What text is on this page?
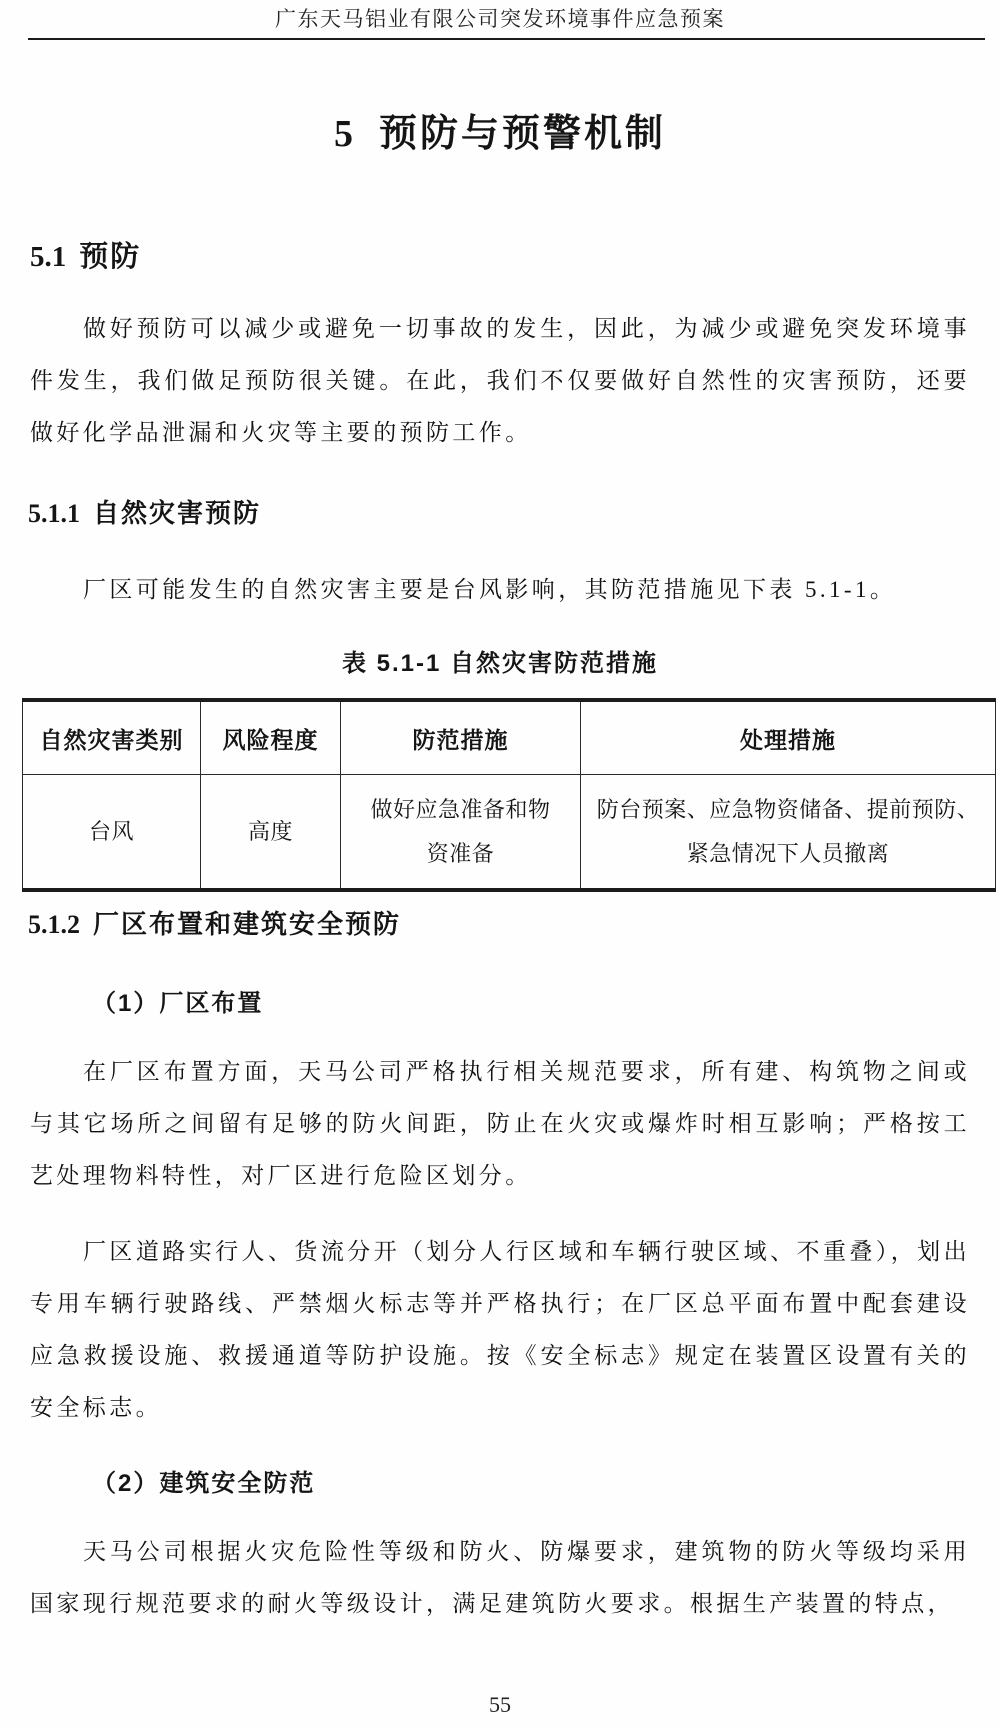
广东天马铝业有限公司突发环境事件应急预案
5 预防与预警机制
5.1 预防
做好预防可以减少或避免一切事故的发生，因此，为减少或避免突发环境事件发生，我们做足预防很关键。在此，我们不仅要做好自然性的灾害预防，还要做好化学品泄漏和火灾等主要的预防工作。
5.1.1 自然灾害预防
厂区可能发生的自然灾害主要是台风影响，其防范措施见下表 5.1-1。
表 5.1-1 自然灾害防范措施
自然灾害类别	风险程度	防范措施	处理措施
台风	高度	做好应急准备和物资准备	防台预案、应急物资储备、提前预防、紧急情况下人员撤离
5.1.2 厂区布置和建筑安全预防
（1）厂区布置
在厂区布置方面，天马公司严格执行相关规范要求，所有建、构筑物之间或与其它场所之间留有足够的防火间距，防止在火灾或爆炸时相互影响；严格按工艺处理物料特性，对厂区进行危险区划分。
厂区道路实行人、货流分开（划分人行区域和车辆行驶区域、不重叠），划出专用车辆行驶路线、严禁烟火标志等并严格执行；在厂区总平面布置中配套建设应急救援设施、救援通道等防护设施。按《安全标志》规定在装置区设置有关的安全标志。
（2）建筑安全防范
天马公司根据火灾危险性等级和防火、防爆要求，建筑物的防火等级均采用国家现行规范要求的耐火等级设计，满足建筑防火要求。根据生产装置的特点，
55
